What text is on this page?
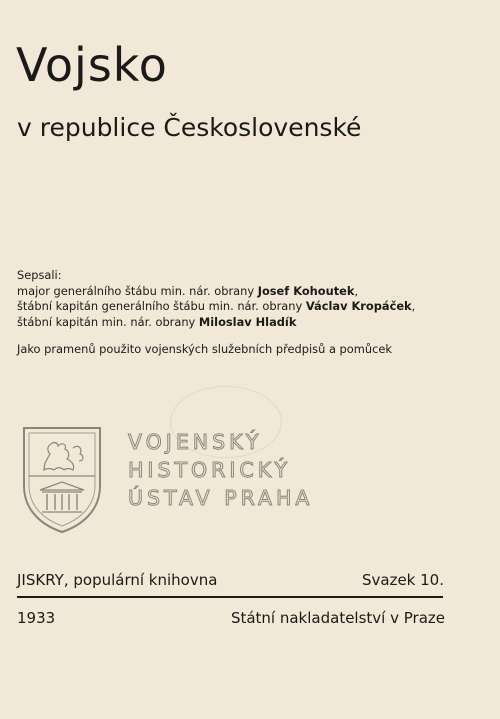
Vojsko
v republice Československé
Sepsali:
major generálního štábu min. nár. obrany Josef Kohoutek,
štábní kapitán generálního štábu min. nár. obrany Václav Kropáček,
štábní kapitán min. nár. obrany Miloslav Hladík
Jako pramenů použito vojenských služebních předpisů a pomůcek
VOJENSKÝ
HISTORICKÝ
ÚSTAV PRAHA
JISKRY, populární knihovna	Svazek 10.
1933	Státní nakladatelství v Praze
